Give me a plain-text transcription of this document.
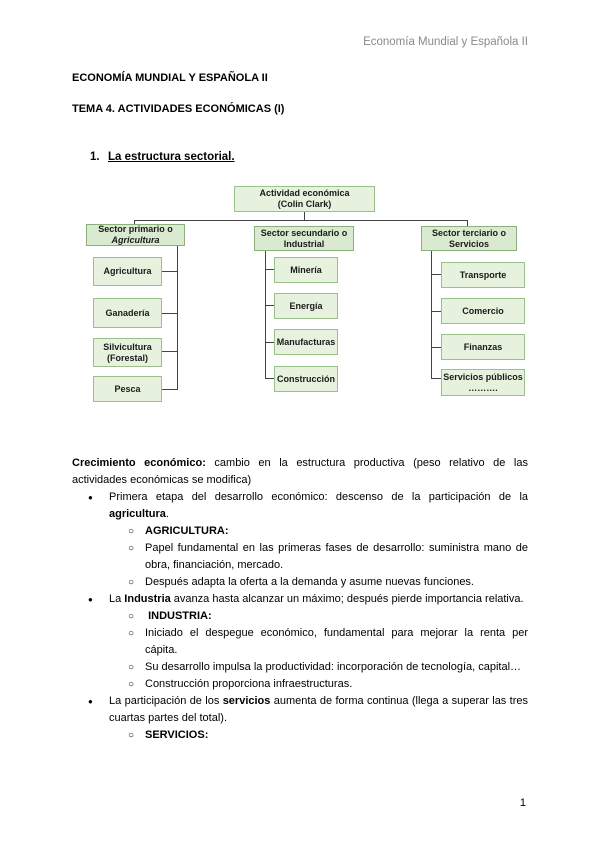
Economía Mundial y Española II
ECONOMÍA MUNDIAL Y ESPAÑOLA II
TEMA 4. ACTIVIDADES ECONÓMICAS (I)
1. La estructura sectorial.
Actividad económica
(Colin Clark)
Sector primario o
Agricultura
Agricultura
Ganadería
Silvicultura
(Forestal)
Pesca
Sector secundario o
Industrial
Minería
Energía
Manufacturas
Construcción
Sector terciario o
Servicios
Transporte
Comercio
Finanzas
Servicios públicos
……….

Crecimiento económico: cambio en la estructura productiva (peso relativo de las actividades económicas se modifica)

● Primera etapa del desarrollo económico: descenso de la participación de la agricultura.
○ AGRICULTURA:
○ Papel fundamental en las primeras fases de desarrollo: suministra mano de obra, financiación, mercado.
○ Después adapta la oferta a la demanda y asume nuevas funciones.
● La Industria avanza hasta alcanzar un máximo; después pierde importancia relativa.
○ INDUSTRIA:
○ Iniciado el despegue económico, fundamental para mejorar la renta per cápita.
○ Su desarrollo impulsa la productividad: incorporación de tecnología, capital…
○ Construcción proporciona infraestructuras.
● La participación de los servicios aumenta de forma continua (llega a superar las tres cuartas partes del total).
○ SERVICIOS:
1
